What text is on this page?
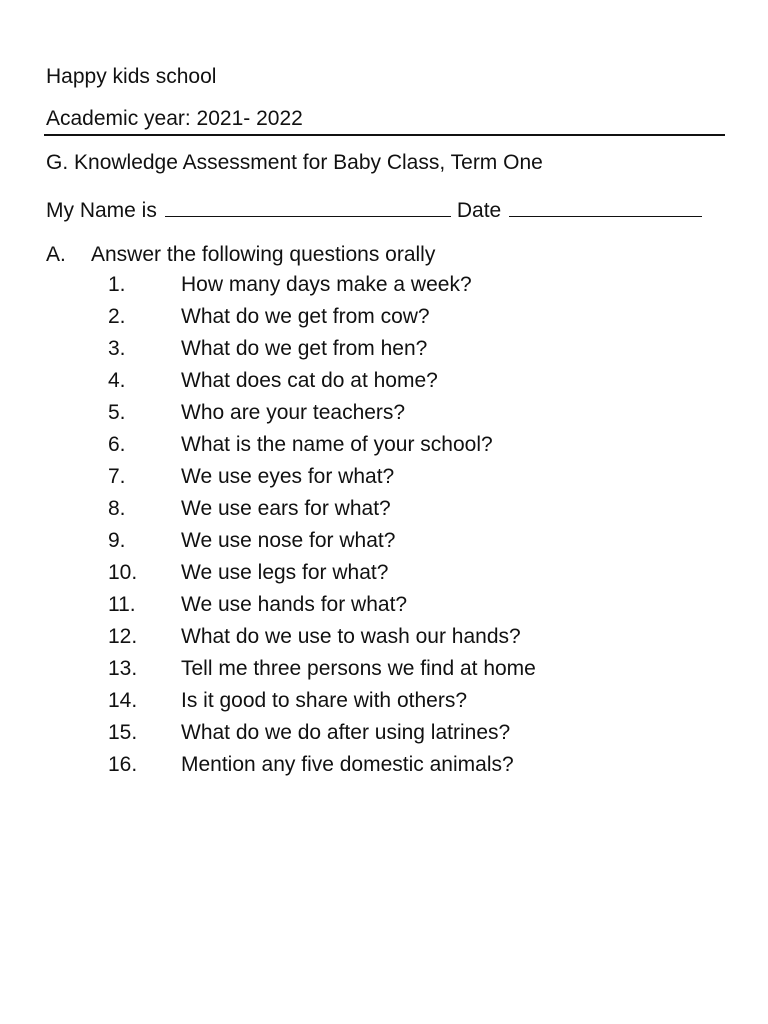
Happy kids school
Academic year: 2021- 2022
G. Knowledge Assessment for Baby Class, Term One
My Name is	Date
A. Answer the following questions orally
1.	How many days make a week?
2.	What do we get from cow?
3.	What do we get from hen?
4.	What does cat do at home?
5.	Who are your teachers?
6.	What is the name of your school?
7.	We use eyes for what?
8.	We use ears for what?
9.	We use nose for what?
10. We use legs for what?
11. We use hands for what?
12. What do we use to wash our hands?
13. Tell me three persons we find at home
14. Is it good to share with others?
15. What do we do after using latrines?
16. Mention any five domestic animals?
